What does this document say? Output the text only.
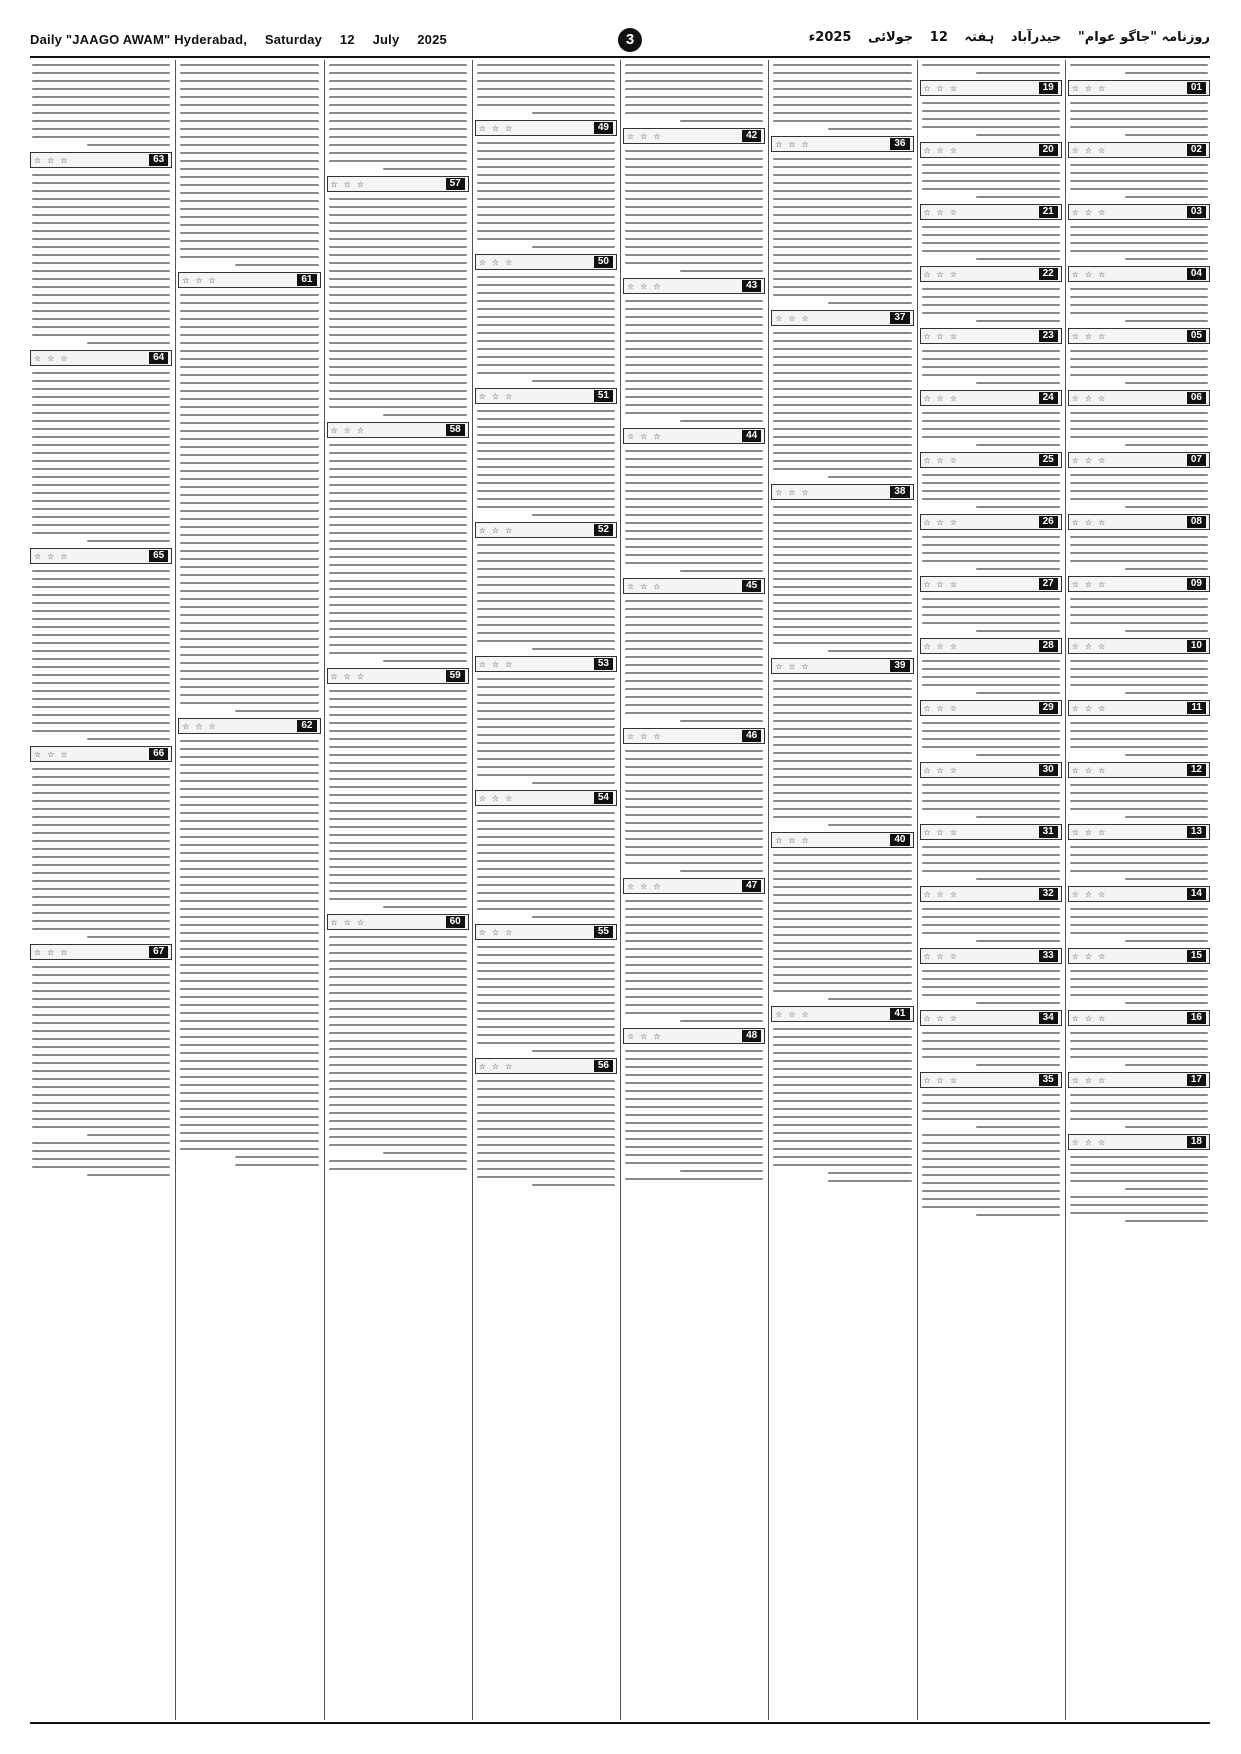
Daily "JAAGO AWAM" Hyderabad, Saturday 12 July 2025	3	روزنامہ "جاگو عوام" حیدرآباد ہفتہ 12 جولائی 2025ء
☆☆☆	63
☆☆☆	64
☆☆☆	65
☆☆☆	66
☆☆☆	67
☆☆☆	61
☆☆☆	62
☆☆☆	57
☆☆☆	58
☆☆☆	59
☆☆☆	60
☆☆☆	49
☆☆☆	50
☆☆☆	51
☆☆☆	52
☆☆☆	53
☆☆☆	54
☆☆☆	55
☆☆☆	56
☆☆☆	42
☆☆☆	43
☆☆☆	44
☆☆☆	45
☆☆☆	46
☆☆☆	47
☆☆☆	48
☆☆☆	36
☆☆☆	37
☆☆☆	38
☆☆☆	39
☆☆☆	40
☆☆☆	41
☆☆☆	19
☆☆☆	20
☆☆☆	21
☆☆☆	22
☆☆☆	23
☆☆☆	24
☆☆☆	25
☆☆☆	26
☆☆☆	27
☆☆☆	28
☆☆☆	29
☆☆☆	30
☆☆☆	31
☆☆☆	32
☆☆☆	33
☆☆☆	34
☆☆☆	35
☆☆☆	01
☆☆☆	02
☆☆☆	03
☆☆☆	04
☆☆☆	05
☆☆☆	06
☆☆☆	07
☆☆☆	08
☆☆☆	09
☆☆☆	10
☆☆☆	11
☆☆☆	12
☆☆☆	13
☆☆☆	14
☆☆☆	15
☆☆☆	16
☆☆☆	17
☆☆☆	18
